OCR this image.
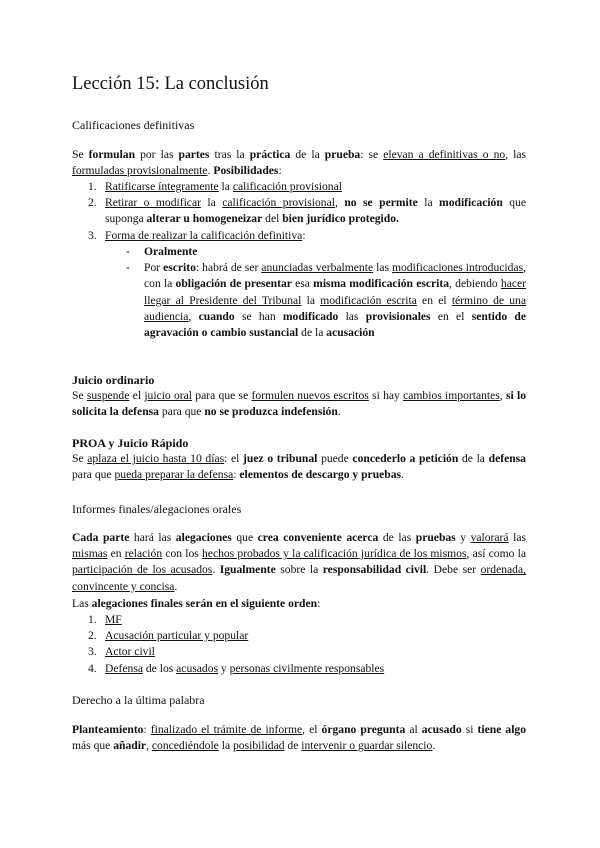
Lección 15: La conclusión
Calificaciones definitivas
Se formulan por las partes tras la práctica de la prueba: se elevan a definitivas o no, las formuladas provisionalmente. Posibilidades:
1. Ratificarse íntegramente la calificación provisional
2. Retirar o modificar la calificación provisional, no se permite la modificación que suponga alterar u homogeneizar del bien jurídico protegido.
3. Forma de realizar la calificación definitiva:
- Oralmente
- Por escrito: habrá de ser anunciadas verbalmente las modificaciones introducidas, con la obligación de presentar esa misma modificación escrita, debiendo hacer llegar al Presidente del Tribunal la modificación escrita en el término de una audiencia, cuando se han modificado las provisionales en el sentido de agravación o cambio sustancial de la acusación
Juicio ordinario
Se suspende el juicio oral para que se formulen nuevos escritos si hay cambios importantes, si lo solicita la defensa para que no se produzca indefensión.
PROA y Juicio Rápido
Se aplaza el juicio hasta 10 días: el juez o tribunal puede concederlo a petición de la defensa para que pueda preparar la defensa: elementos de descargo y pruebas.
Informes finales/alegaciones orales
Cada parte hará las alegaciones que crea conveniente acerca de las pruebas y valorará las mismas en relación con los hechos probados y la calificación jurídica de los mismos, así como la participación de los acusados. Igualmente sobre la responsabilidad civil. Debe ser ordenada, convincente y concisa.
Las alegaciones finales serán en el siguiente orden:
1. MF
2. Acusación particular y popular
3. Actor civil
4. Defensa de los acusados y personas civilmente responsables
Derecho a la última palabra
Planteamiento: finalizado el trámite de informe, el órgano pregunta al acusado si tiene algo más que añadir, concediéndole la posibilidad de intervenir o guardar silencio.
